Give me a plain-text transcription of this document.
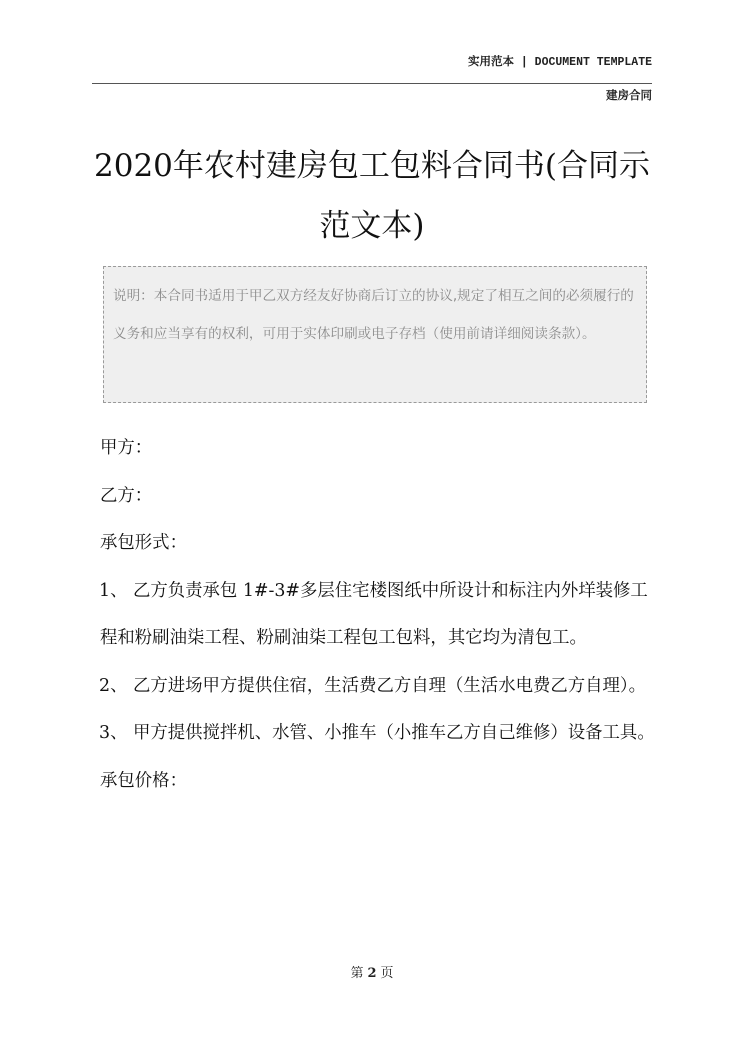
实用范本 | DOCUMENT TEMPLATE
建房合同
2020年农村建房包工包料合同书(合同示范文本)
说明：本合同书适用于甲乙双方经友好协商后订立的协议,规定了相互之间的必须履行的义务和应当享有的权利，可用于实体印刷或电子存档（使用前请详细阅读条款）。

甲方：

乙方：

承包形式：

1、 乙方负责承包 1#-3#多层住宅楼图纸中所设计和标注内外垟装修工程和粉刷油柒工程、粉刷油柒工程包工包料，其它均为清包工。

2、 乙方进场甲方提供住宿，生活费乙方自理（生活水电费乙方自理）。

3、 甲方提供搅拌机、水管、小推车（小推车乙方自己维修）设备工具。

承包价格：

第 2 页
